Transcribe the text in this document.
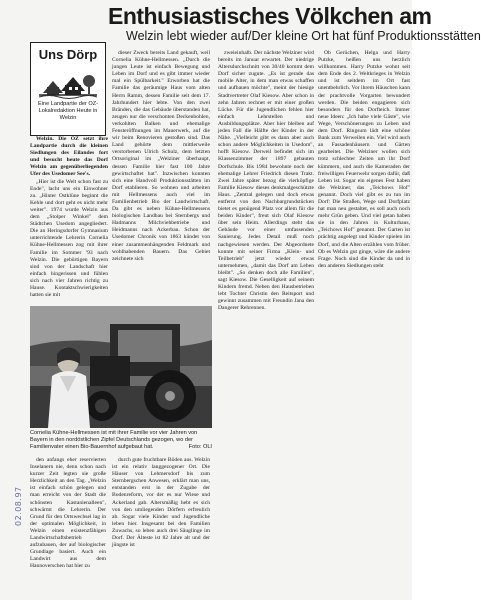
Enthusiastisches Völkchen am
Welzin lebt wieder auf/Der kleine Ort hat fünf Produktionsstätten
Uns Dörp
Eine Landpartie der OZ-Lokalredaktion Heute in Welzin
02.08.97

Welzin. Die OZ setzt ihre Landpartie durch die kleinen Siedlungen des Eilandes fort und besucht heute das Dorf Welzin am gegenüberliegenden Ufer des Usedomer See's.

„Hier ist die Welt schon fast zu Ende", lacht uns ein Einwohner zu. „Hinter Ostklüne beginnt die Kehle und dort geht es nicht mehr weiter". 1974 wurde Welzin aus dem „Stolper Winkel" dem Städtchen Usedom angegliedert. Die an Heringsdorfer Gymnasium unterrichtende Lehrerin Cornelia Kühne-Hellmessen zog mit ihrer Familie im Sommer '93 nach Welzin. Die gebürtigen Bayern sind von der Landschaft hier einfach hingerissen und fühlen sich nach vier Jahren richtig zu Hause. Kontaktschwierigkeiten hatten sie mit

dieser Zweck bereits Land gekauft, weil Cornelia Kühne-Hellmessen. „Durch die jungen Leute ist einfach Bewegung und Leben im Dorf und es gibt immer wieder mal ein Spülbarkeit." Erworben hat die Familie das geräumige Haus vom alten Herrn Ramm, dessen Familie seit dem 17. Jahrhundert hier lebte. Von den zwei Bränden, die das Gebäude überstanden hat, zeugen nur die verschonten Deckenbohlen, verkohlten Balken und ehemalige Fensteröffnungen im Mauerwerk, auf die wir beim Renovieren gestoßen sind. Das Land gehörte dem mittlerweile verstorbenen Ulrich Schulz, dem letzten Ortsoriginal im „Welziner überhaupt, dessen Familie hier fast 100 Jahre gewirtschaftet hat". Inzwischen konnten sich eine Handvoll Produktionsstätten im Dorf etablieren. So wohnen und arbeiten mit Hellmessens auch viel im Familienbetrieb Bio der Landwirtschaft. Da gibt es neben Kühne-Hellmessens biologischen Landbau bei Sternbergs und Hadmanns Milchviehbetriebe und Heidmanns nach Ackerbau. Schon der Usedomer Chronik von 1863 kündet von einer zusammenhängenden Feldmark und wohlhabenden Bauern. Das Gebiet zeichnete sich

zweieinhalb. Der nächste Welziner wird bereits im Januar erwartet. Der niedrige Altersdurchschnitt von 30/40 kommt dem Dorf sicher zugute. „Es ist gerade das mobile Alter, in dem man etwas schaffen und aufbauen möchte", meint der hiesige Stadtvertreter Olaf Kiesow. Aber schon in zehn Jahren rechnet er mit einer großen Lücke. Für die Jugendlichen fehlen hier einfach Lehrstellen und Ausbildungsplätze. Aber hier bleiben auf jeden Fall die Hälfte der Kinder in der Nähe. „Vielleicht gibt es dann aber auch schon andere Möglichkeiten in Usedom", hofft Kiesow. Derweil befindet sich im Klassenzimmer der 1897 gebauten Dorfschule. Bis 1984 bewohnte noch der ehemalige Lehrer Friedrich diesen Trakt. Zwei Jahre später bezog die vierköpfige Familie Kiesow dieses denkmalgeschützte Haus. „Zentral gelegen und doch etwas entfernt von den Nachbargrundstücken bietet es genügend Platz vor allem für die beiden Kinder", freut sich Olaf Kiesow über sein Heim. Allerdings steht das Gebäude vor einer umfassenden Sanierung. Jedes Detail muß noch nachgewiesen werden. Der Abgeordnete konnte mit seiner Firma „Klein- und Teilbetrieb" jetzt wieder etwas unternehmen, „damit das Dorf am Leben bleibt". „So denken doch alle Familien", sagt Kiesow. Die Geselligkeit auf seinem Kindern fremd. Neben den Hausbetrieben lebt Tochter Christin den Reitsport und gewinnt zusammen mit Freundin Jana den Dangerer Rehrennen.

Ob Gerüchen, Helga und Harry Putzke, heißen uns herzlich willkommen. Harry Putzke wohnt seit dem Ende des 2. Weltkrieges in Welzin und ist seitdem im Ort fast unentbehrlich. Vor ihrem Häuschen kann der prachtvolle Vorgarten bewundert werden. Die beiden engagieren sich besonders für den Dorfteich. Immer neue Ideen: „Ich habe viele Gäste", wie Wege, Verschönerungen zu Leben und dem Dorf. Ringsum lädt eine schöne Bank zum Verweilen ein. Viel wird auch an Fassadenhäusern und Gärten gearbeitet. Die Welziner wollen sich trotz schlechter Zeiten um ihr Dorf kümmern, und auch die Kameraden der freiwilligen Feuerwehr sorgen dafür, daß Leben ist. Sogar ein eigenes Fest haben die Welziner, das „Teichows Hof" genannt. Doch viel gibt es zu tun im Dorf: Die Straßen, Wege und Dorfplatz hat man neu gestaltet, es soll auch noch mehr Grün geben. Und viel getan haben sie in den Jahren in Kulturhaus, „Teichows Hof" genannt. Der Garten ist prächtig angelegt und Kinder spielen im Dorf, und die Alten erzählen vom früher. Ob es Welzin gut ginge, wäre die andere Frage. Noch sind die Kinder da und in den anderen Siedlungen steht

Cornelia Kühne-Hellmessen ist mit ihrer Familie vor vier Jahren von Bayern in den nordöstlichen Zipfel Deutschlands gezogen, wo der Familienvater einen Bio-Bauernhof aufgebaut hat.	Foto: OLI

den anfangs eher reservierten Inselanern nie, denn schon nach kurzer Zeit legten sie große Herzlichkeit an den Tag. „Welzin ist einfach schön gelegen und man erreicht von der Stadt die schönsten Kastanienalleen", schwärmt die Lehrerin. Der Grund für den Ortswechsel lag in der optimalen Möglichkeit, in Welzin einen existenzfähigen Landwirtschaftsbetrieb aufzubauen, der auf biologischer Grundlage basiert. Auch ein Landwirt aus dem Hannoverschen hat hier zu

durch gute fruchtbare Böden aus. Welzin ist ein relativ langgezogener Ort. Die Häuser von Lehmersdorf bis zum Sternbergschen Anwesen, erklärt man uns, entstanden erst in der Zugabe der Bodenreform, vor der es nur Wiese und Ackerland gab. Altersmäßig hebt es sich von den umliegenden Dörfern erfreulich ab. Sogar viele Kinder und Jugendliche leben hier. Insgesamt bei den Familien Zuwachs, so leben auch drei Säuglinge im Dorf. Der Älteste ist 82 Jahre alt und der jüngste ist
